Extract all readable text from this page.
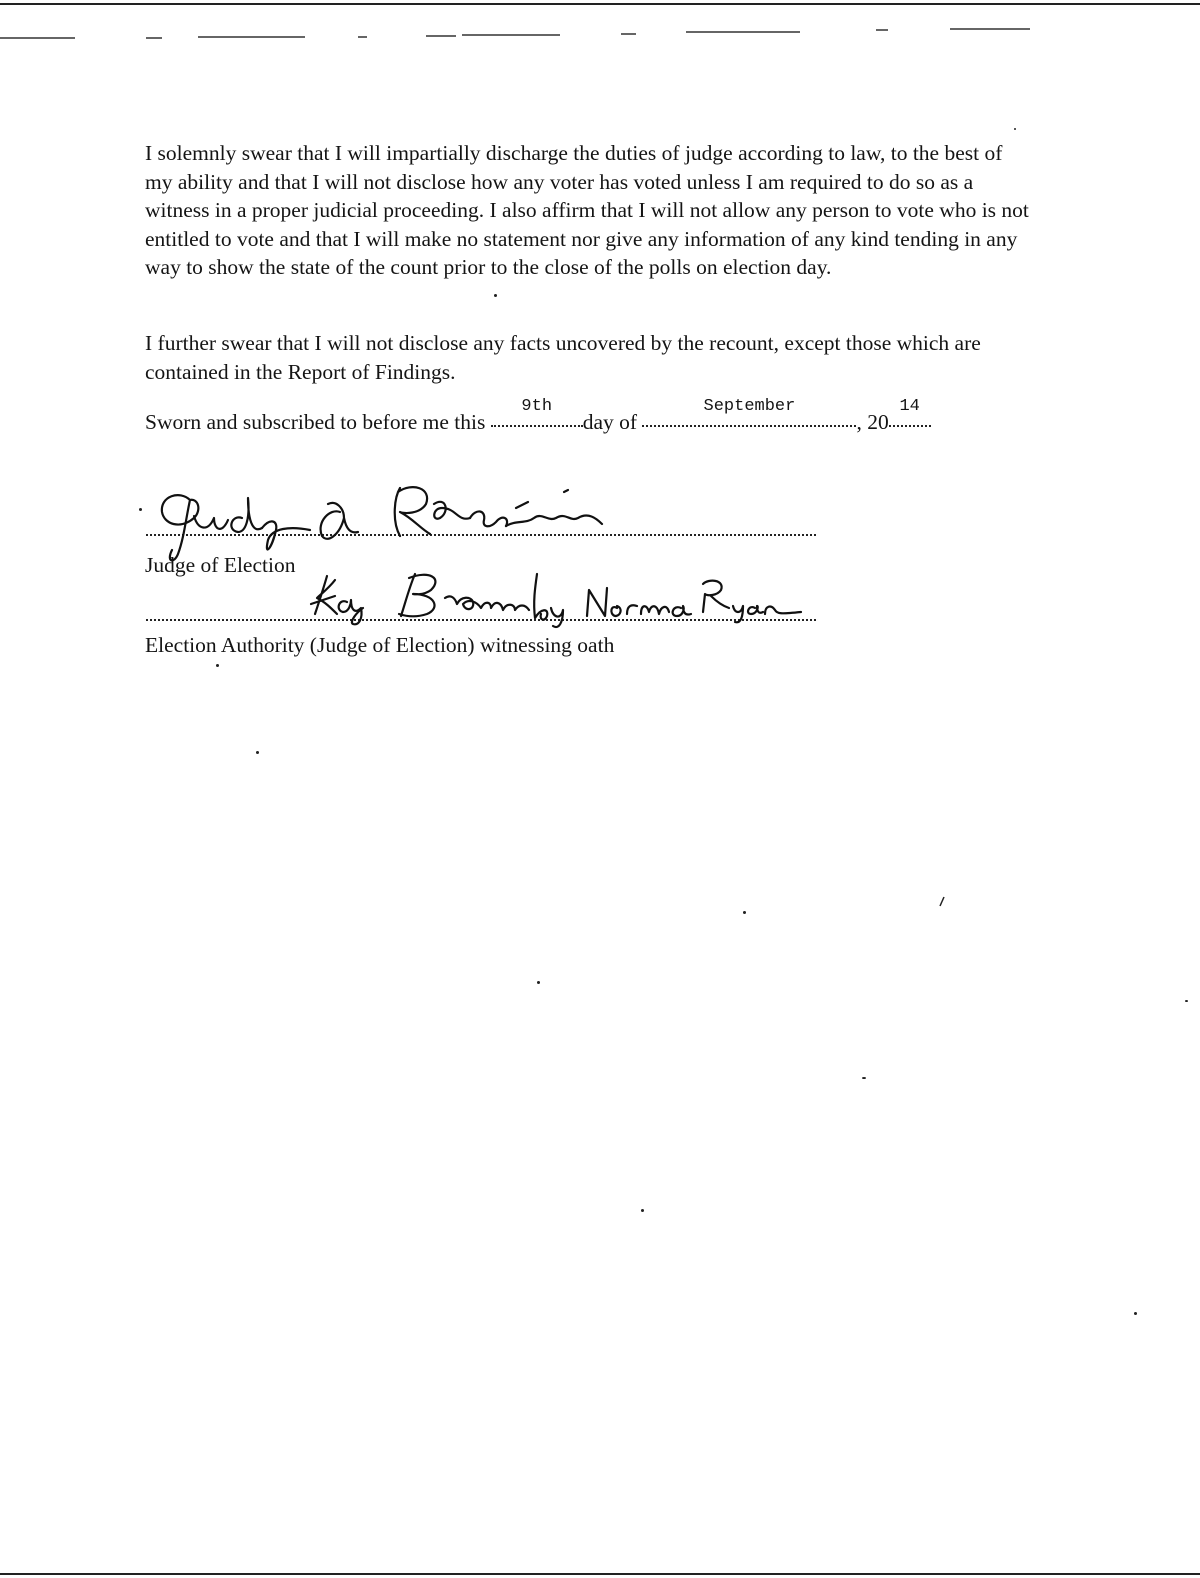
I solemnly swear that I will impartially discharge the duties of judge according to law, to the best of my ability and that I will not disclose how any voter has voted unless I am required to do so as a witness in a proper judicial proceeding. I also affirm that I will not allow any person to vote who is not entitled to vote and that I will make no statement nor give any information of any kind tending in any way to show the state of the count prior to the close of the polls on election day.

I further swear that I will not disclose any facts uncovered by the recount, except those which are contained in the Report of Findings.

Sworn and subscribed to before me this
9th
day of
September
, 20
14
Judge of Election
Election Authority (Judge of Election) witnessing oath
